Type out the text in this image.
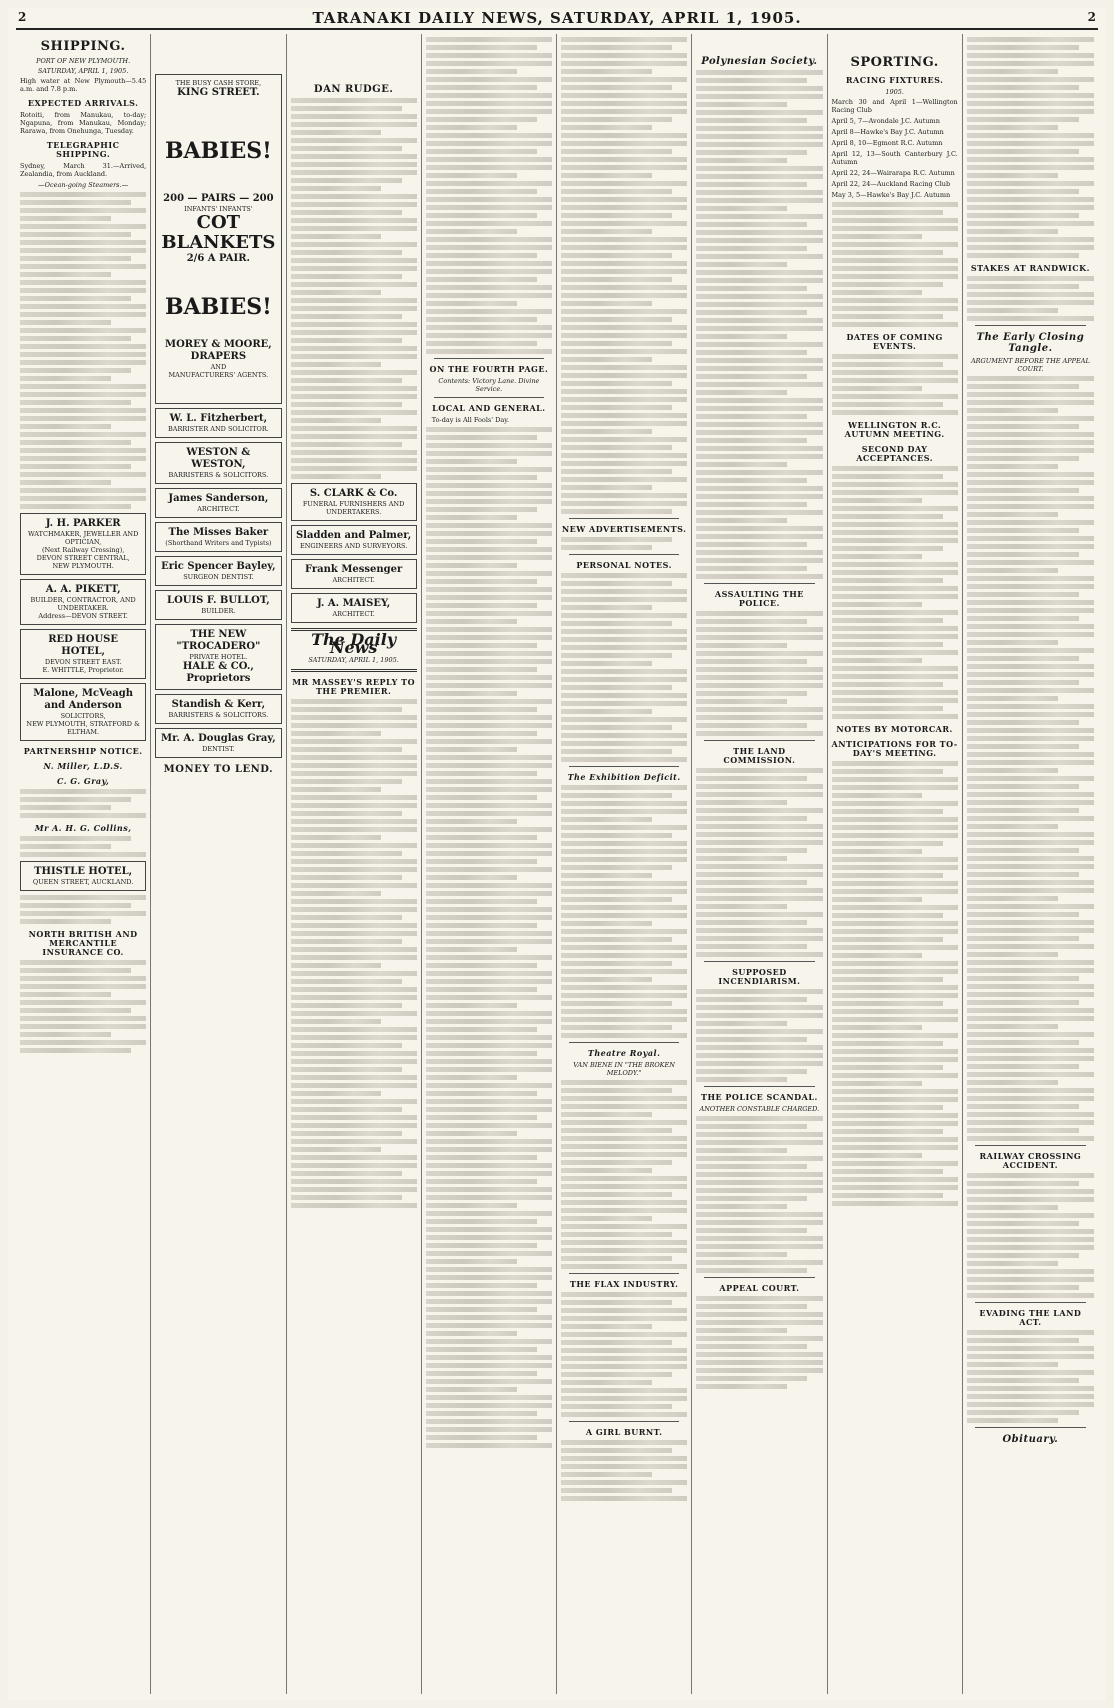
2	TARANAKI DAILY NEWS, SATURDAY, APRIL 1, 1905.	2
SHIPPING.
PORT OF NEW PLYMOUTH.
SATURDAY, APRIL 1, 1905.
High water at New Plymouth—5.45 a.m. and 7.8 p.m.
EXPECTED ARRIVALS.
Rotoiti, from Manukau, to-day; Ngapuna, from Manukau, Monday; Rarawa, from Onehunga, Tuesday.
TELEGRAPHIC SHIPPING.
Sydney, March 31.—Arrived, Zealandia, from Auckland.
—Ocean-going Steamers.—
J. H. PARKER
WATCHMAKER, JEWELLER AND
OPTICIAN,
(Next Railway Crossing),
DEVON STREET CENTRAL,
NEW PLYMOUTH.
A. A. PIKETT,
BUILDER, CONTRACTOR, AND UNDERTAKER.
Address—DEVON STREET.
RED HOUSE HOTEL,
DEVON STREET EAST.
E. WHITTLE, Proprietor.
Malone, McVeagh and Anderson
SOLICITORS,
NEW PLYMOUTH, STRATFORD & ELTHAM.
PARTNERSHIP NOTICE.
N. Miller, L.D.S.
C. G. Gray,
Mr A. H. G. Collins,
THISTLE HOTEL,
QUEEN STREET, AUCKLAND.
NORTH BRITISH AND MERCANTILE INSURANCE CO.
THE BUSY CASH STORE,
KING STREET.
BABIES!
200 — PAIRS — 200
INFANTS' INFANTS'
COT BLANKETS
2/6 A PAIR.
BABIES!
MOREY & MOORE,
DRAPERS
AND
MANUFACTURERS' AGENTS.
W. L. Fitzherbert,
BARRISTER AND SOLICITOR.
WESTON & WESTON,
BARRISTERS & SOLICITORS.
James Sanderson,
ARCHITECT.
The Misses Baker
(Shorthand Writers and Typists)
Eric Spencer Bayley,
SURGEON DENTIST.
LOUIS F. BULLOT,
BUILDER.
THE NEW "TROCADERO"
PRIVATE HOTEL.
HALE & CO., Proprietors
Standish & Kerr,
BARRISTERS & SOLICITORS.
Mr. A. Douglas Gray,
DENTIST.
MONEY TO LEND.
DAN RUDGE.
S. CLARK & Co.
FUNERAL FURNISHERS AND UNDERTAKERS.
Sladden and Palmer,
ENGINEERS AND SURVEYORS.
Frank Messenger
ARCHITECT.
J. A. MAISEY,
ARCHITECT.
The Daily News
SATURDAY, APRIL 1, 1905.
MR MASSEY'S REPLY TO THE PREMIER.
ON THE FOURTH PAGE.
Contents: Victory Lane. Divine Service.
LOCAL AND GENERAL.
To-day is All Fools' Day.
NEW ADVERTISEMENTS.
PERSONAL NOTES.
The Exhibition Deficit.
Theatre Royal.
VAN BIENE IN "THE BROKEN MELODY."
THE FLAX INDUSTRY.
A GIRL BURNT.
Polynesian Society.
ASSAULTING THE POLICE.
THE LAND COMMISSION.
SUPPOSED INCENDIARISM.
THE POLICE SCANDAL.
ANOTHER CONSTABLE CHARGED.
APPEAL COURT.
SPORTING.
RACING FIXTURES.
1905.
March 30 and April 1—Wellington Racing Club
April 5, 7—Avondale J.C. Autumn
April 8—Hawke's Bay J.C. Autumn
April 8, 10—Egmont R.C. Autumn
April 12, 13—South Canterbury J.C. Autumn
April 22, 24—Wairarapa R.C. Autumn
April 22, 24—Auckland Racing Club
May 3, 5—Hawke's Bay J.C. Autumn
DATES OF COMING EVENTS.
WELLINGTON R.C. AUTUMN MEETING.
SECOND DAY ACCEPTANCES.
NOTES BY MOTORCAR.
ANTICIPATIONS FOR TO-DAY'S MEETING.
STAKES AT RANDWICK.
The Early Closing Tangle.
ARGUMENT BEFORE THE APPEAL COURT.
RAILWAY CROSSING ACCIDENT.
EVADING THE LAND ACT.
Obituary.
